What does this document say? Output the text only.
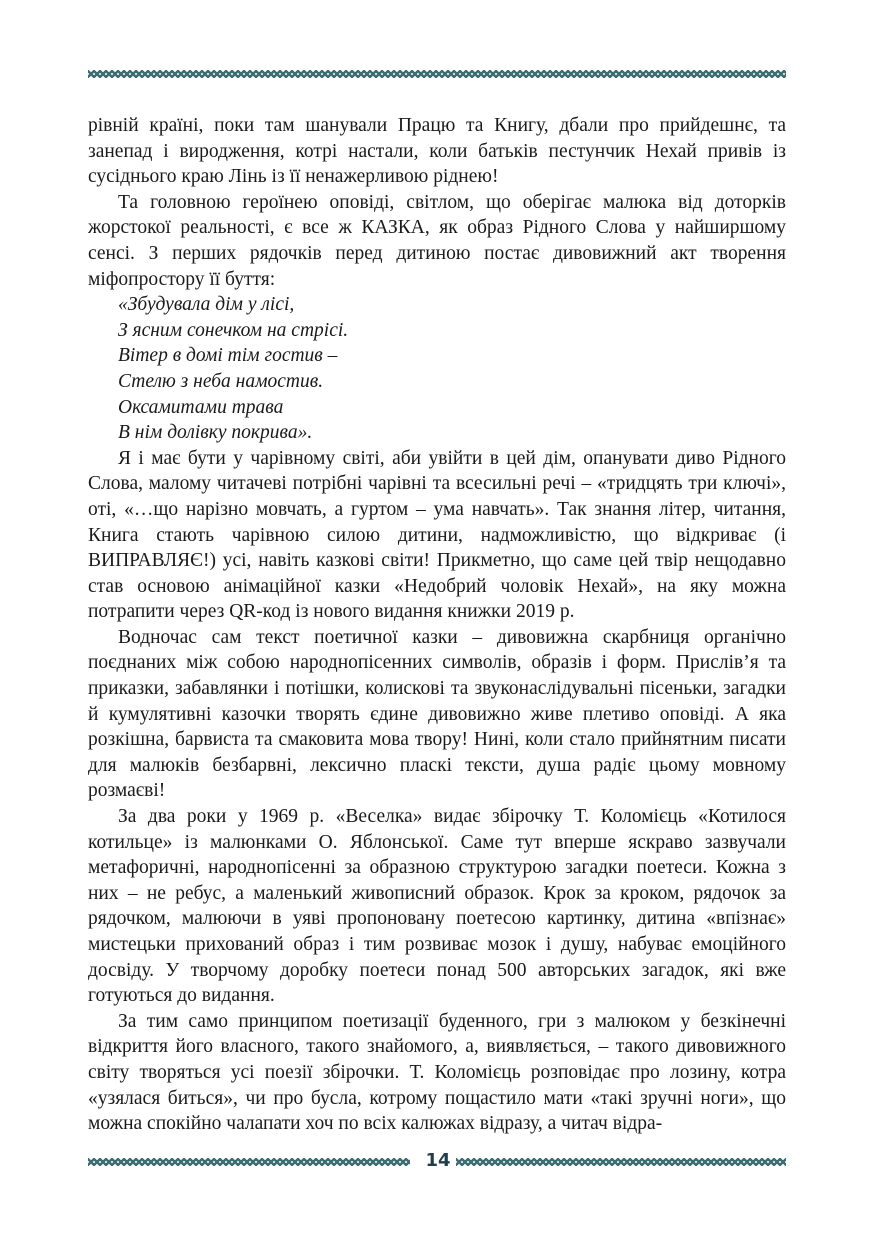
рівній країні, поки там шанували Працю та Книгу, дбали про прийдешнє, та занепад і виродження, котрі настали, коли батьків пестунчик Нехай привів із сусіднього краю Лінь із її ненажерливою ріднею!

Та головною героїнею оповіді, світлом, що оберігає малюка від доторків жорстокої реальності, є все ж КАЗКА, як образ Рідного Слова у найширшому сенсі. З перших рядочків перед дитиною постає дивовижний акт творення міфопростору її буття:

«Збудувала дім у лісі,
З ясним сонечком на стрісі.
Вітер в домі тім гостив –
Стелю з неба намостив.
Оксамитами трава
В нім долівку покрива».

Я і має бути у чарівному світі, аби увійти в цей дім, опанувати диво Рідного Слова, малому читачеві потрібні чарівні та всесильні речі – «тридцять три ключі», оті, «…що нарізно мовчать, а гуртом – ума навчать». Так знання літер, читання, Книга стають чарівною силою дитини, надможливістю, що відкриває (і ВИПРАВЛЯЄ!) усі, навіть казкові світи! Прикметно, що саме цей твір нещодавно став основою анімаційної казки «Недобрий чоловік Нехай», на яку можна потрапити через QR-код із нового видання книжки 2019 р.

Водночас сам текст поетичної казки – дивовижна скарбниця органічно поєднаних між собою народнопісенних символів, образів і форм. Прислів’я та приказки, забавлянки і потішки, колискові та звуконаслідувальні пісеньки, загадки й кумулятивні казочки творять єдине дивовижно живе плетиво оповіді. А яка розкішна, барвиста та смаковита мова твору! Нині, коли стало прийнятним писати для малюків безбарвні, лексично пласкі тексти, душа радіє цьому мовному розмаєві!

За два роки у 1969 р. «Веселка» видає збірочку Т. Коломієць «Котилося котильце» із малюнками О. Яблонської. Саме тут вперше яскраво зазвучали метафоричні, народнопісенні за образною структурою загадки поетеси. Кожна з них – не ребус, а маленький живописний образок. Крок за кроком, рядочок за рядочком, малюючи в уяві пропоновану поетесою картинку, дитина «впізнає» мистецьки прихований образ і тим розвиває мозок і душу, набуває емоційного досвіду. У творчому доробку поетеси понад 500 авторських загадок, які вже готуються до видання.

За тим само принципом поетизації буденного, гри з малюком у безкінечні відкриття його власного, такого знайомого, а, виявляється, – такого дивовижного світу творяться усі поезії збірочки. Т. Коломієць розповідає про лозину, котра «узялася биться», чи про бусла, котрому пощастило мати «такі зручні ноги», що можна спокійно чалапати хоч по всіх калюжах відразу, а читач відра-

14
